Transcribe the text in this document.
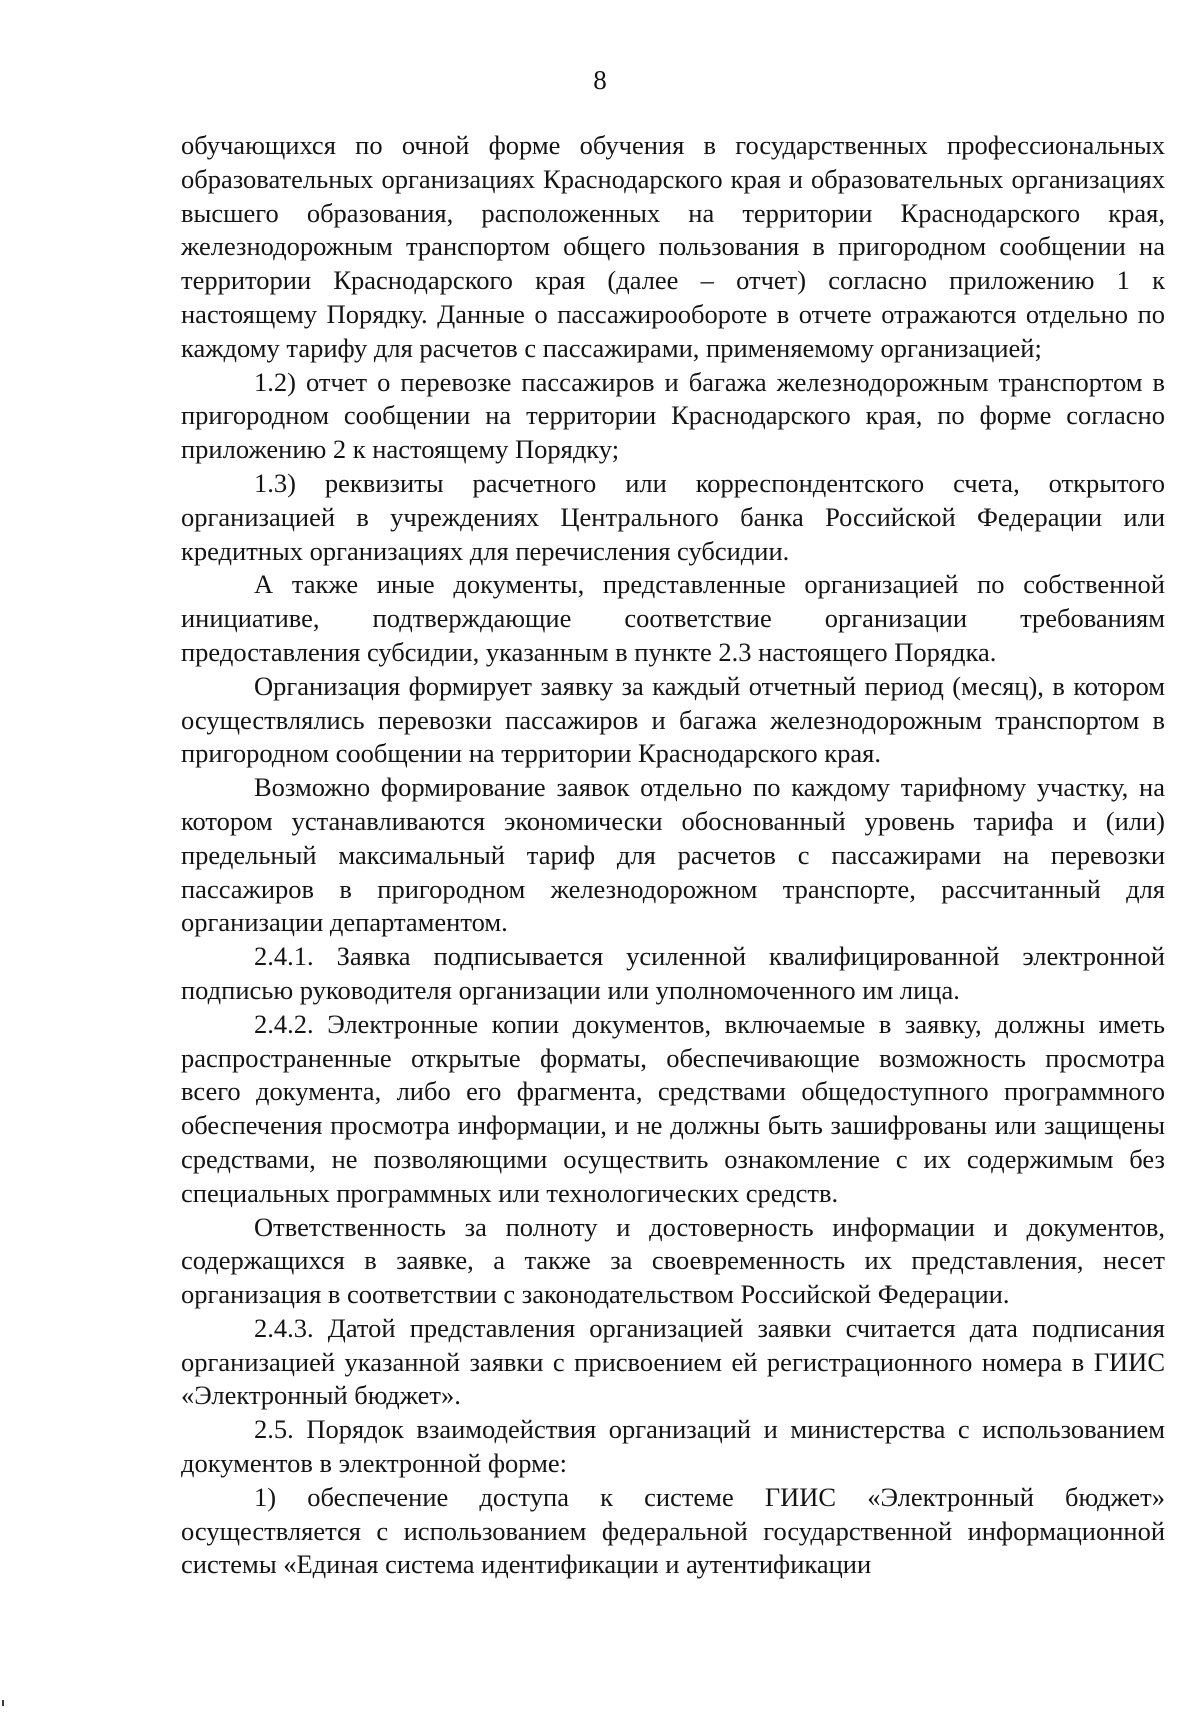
8

обучающихся по очной форме обучения в государственных профессиональных образовательных организациях Краснодарского края и образовательных организациях высшего образования, расположенных на территории Краснодарского края, железнодорожным транспортом общего пользования в пригородном сообщении на территории Краснодарского края (далее – отчет) согласно приложению 1 к настоящему Порядку. Данные о пассажирообороте в отчете отражаются отдельно по каждому тарифу для расчетов с пассажирами, применяемому организацией;

1.2) отчет о перевозке пассажиров и багажа железнодорожным транспортом в пригородном сообщении на территории Краснодарского края, по форме согласно приложению 2 к настоящему Порядку;

1.3) реквизиты расчетного или корреспондентского счета, открытого организацией в учреждениях Центрального банка Российской Федерации или кредитных организациях для перечисления субсидии.

А также иные документы, представленные организацией по собственной инициативе, подтверждающие соответствие организации требованиям предоставления субсидии, указанным в пункте 2.3 настоящего Порядка.

Организация формирует заявку за каждый отчетный период (месяц), в котором осуществлялись перевозки пассажиров и багажа железнодорожным транспортом в пригородном сообщении на территории Краснодарского края.

Возможно формирование заявок отдельно по каждому тарифному участку, на котором устанавливаются экономически обоснованный уровень тарифа и (или) предельный максимальный тариф для расчетов с пассажирами на перевозки пассажиров в пригородном железнодорожном транспорте, рассчитанный для организации департаментом.

2.4.1. Заявка подписывается усиленной квалифицированной электронной подписью руководителя организации или уполномоченного им лица.

2.4.2. Электронные копии документов, включаемые в заявку, должны иметь распространенные открытые форматы, обеспечивающие возможность просмотра всего документа, либо его фрагмента, средствами общедоступного программного обеспечения просмотра информации, и не должны быть зашифрованы или защищены средствами, не позволяющими осуществить ознакомление с их содержимым без специальных программных или технологических средств.

Ответственность за полноту и достоверность информации и документов, содержащихся в заявке, а также за своевременность их представления, несет организация в соответствии с законодательством Российской Федерации.

2.4.3. Датой представления организацией заявки считается дата подписания организацией указанной заявки с присвоением ей регистрационного номера в ГИИС «Электронный бюджет».

2.5. Порядок взаимодействия организаций и министерства с использованием документов в электронной форме:

1) обеспечение доступа к системе ГИИС «Электронный бюджет» осуществляется с использованием федеральной государственной информационной системы «Единая система идентификации и аутентификации
